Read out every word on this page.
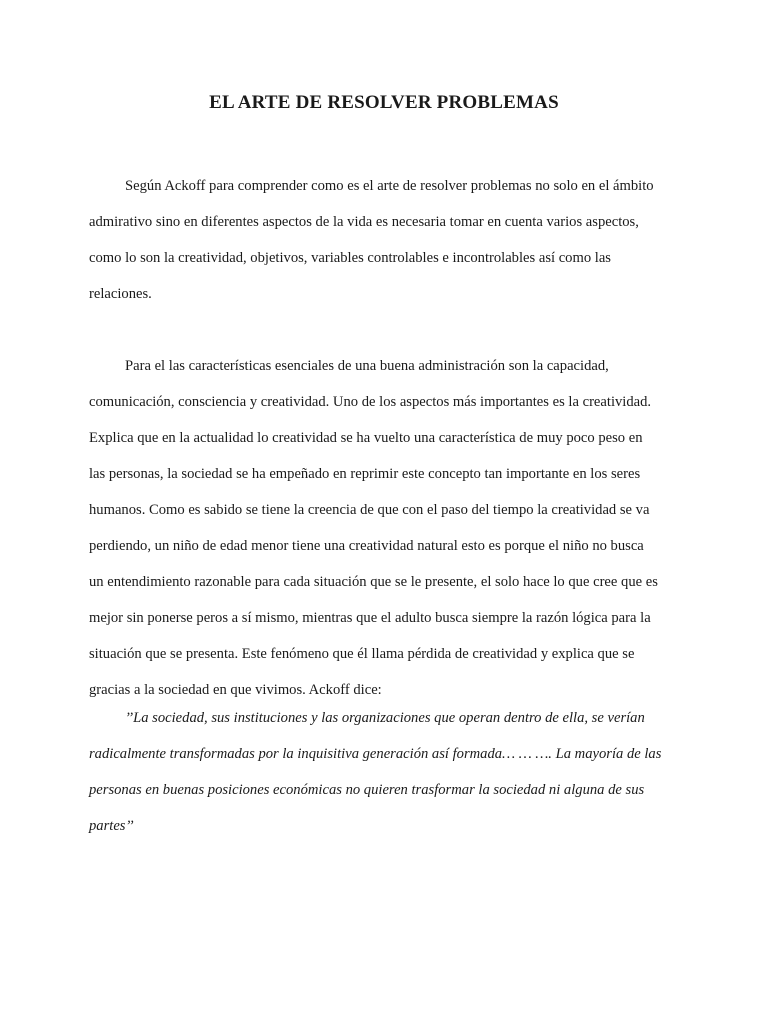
EL ARTE DE RESOLVER PROBLEMAS
Según Ackoff para comprender como es el arte de resolver problemas no solo en el ámbito
admirativo sino en diferentes aspectos de la vida es necesaria tomar en cuenta varios aspectos,
como lo son la creatividad, objetivos, variables controlables e incontrolables así como las
relaciones.
Para el las características esenciales de una buena administración son la capacidad,
comunicación, consciencia y creatividad. Uno de los aspectos más importantes es la creatividad.
Explica que en la actualidad lo creatividad se ha vuelto una característica de muy poco peso en
las personas, la sociedad se ha empeñado en reprimir este concepto tan importante en los seres
humanos. Como es sabido se tiene la creencia de que con el paso del tiempo la creatividad se va
perdiendo, un niño de edad menor tiene una creatividad natural esto es porque el niño no busca
un entendimiento razonable para cada situación que se le presente, el solo hace lo que cree que es
mejor sin ponerse peros a sí mismo, mientras que el adulto busca siempre la razón lógica para la
situación que se presenta. Este fenómeno que él llama pérdida de creatividad y explica que se
gracias a la sociedad en que vivimos. Ackoff dice:
’’La sociedad, sus instituciones y las organizaciones que operan dentro de ella, se verían
radicalmente transformadas por la inquisitiva generación así formada… … …. La mayoría de las
personas en buenas posiciones económicas no quieren trasformar la sociedad ni alguna de sus
partes’’
